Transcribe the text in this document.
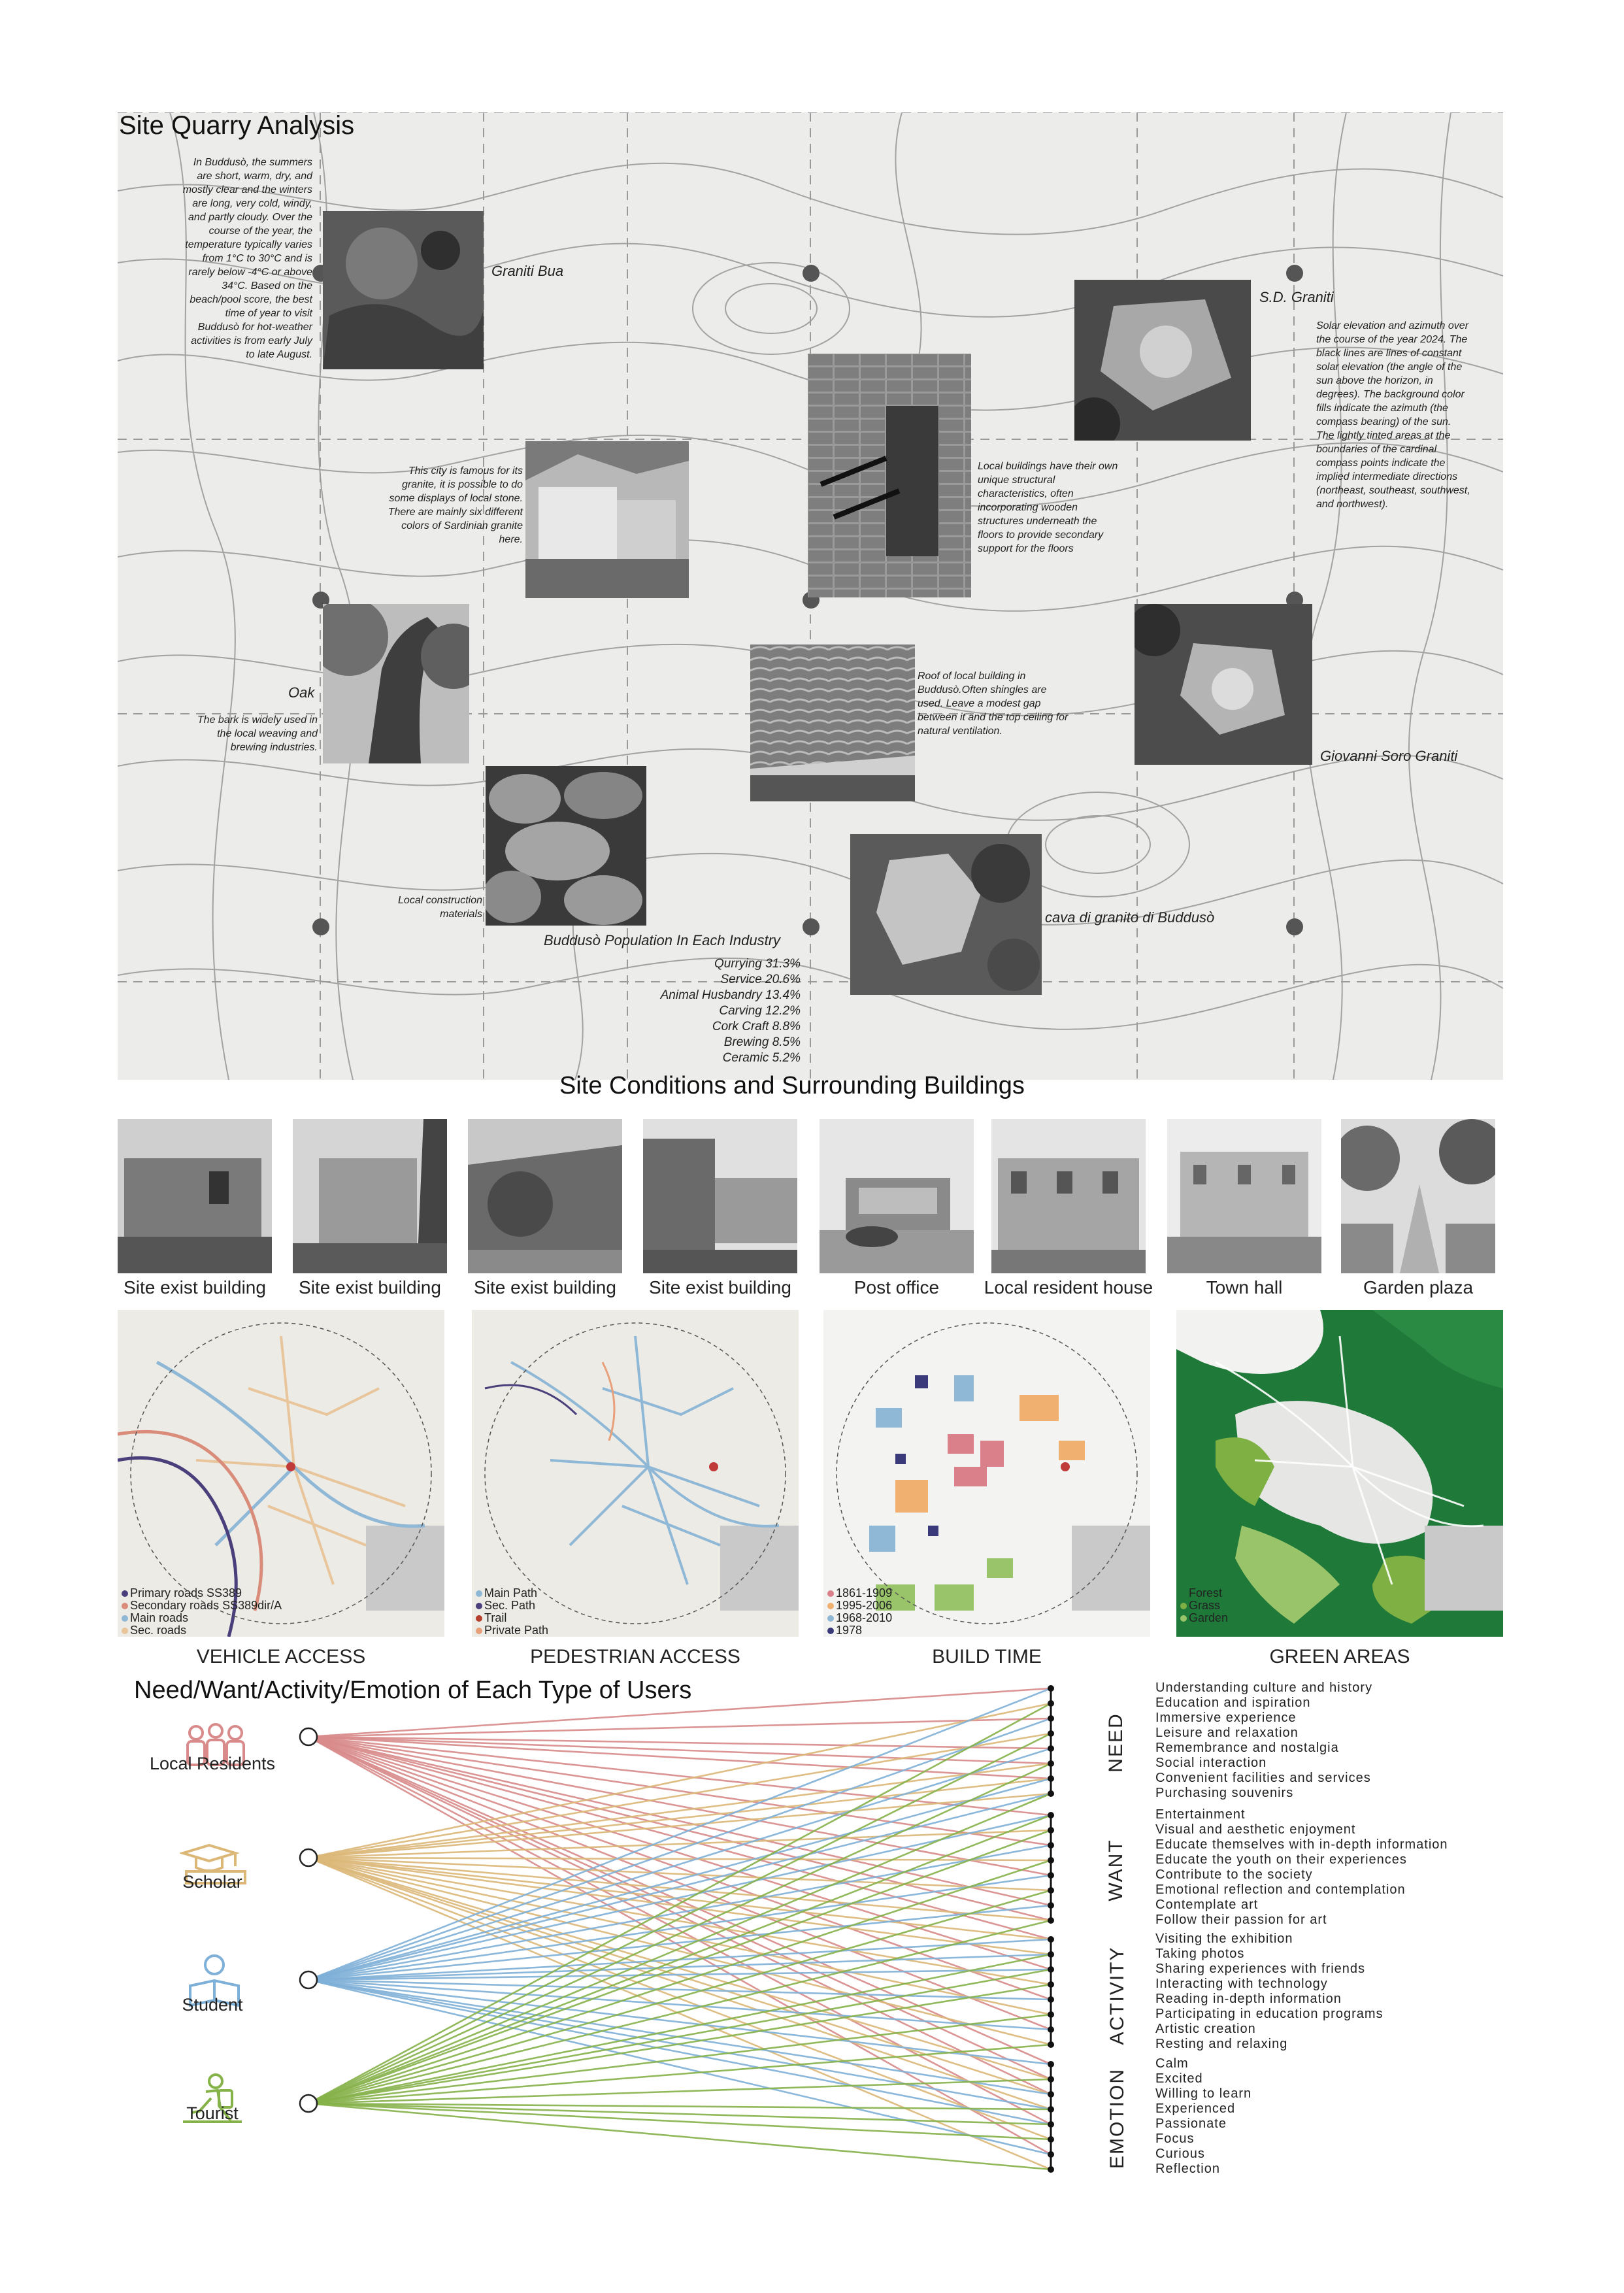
Site Quarry Analysis
Graniti Bua
In Buddusò, the summers are short, warm, dry, and mostly clear and the winters are long, very cold, windy, and partly cloudy. Over the course of the year, the temperature typically varies from 1°C to 30°C and is rarely below -4°C or above 34°C. Based on the beach/pool score, the best time of year to visit Buddusò for hot-weather activities is from early July to late August.
This city is famous for its granite, it is possible to do some displays of local stone. There are mainly six different colors of Sardinian granite here.
Local buildings have their own unique structural characteristics, often incorporating wooden structures underneath the floors to provide secondary support for the floors
S.D. Graniti
Solar elevation and azimuth over the course of the year 2024. The black lines are lines of constant solar elevation (the angle of the sun above the horizon, in degrees). The background color fills indicate the azimuth (the compass bearing) of the sun. The lightly tinted areas at the boundaries of the cardinal compass points indicate the implied intermediate directions (northeast, southeast, southwest, and northwest).
Oak
The bark is widely used in the local weaving and brewing industries.
Roof of local building in Buddusò.Often shingles are used. Leave a modest gap between it and the top ceiling for natural ventilation.
Giovanni Soro Graniti
Local construction materials	cava di granito di Buddusò
Buddusò Population In Each Industry
Qurrying 31.3%
Service 20.6%
Animal Husbandry 13.4%
Carving 12.2%
Cork Craft 8.8%
Brewing 8.5%
Ceramic 5.2%
Site Conditions and Surrounding Buildings
Site exist building	Site exist building	Site exist building	Site exist building	Post office	Local resident house	Town hall	Garden plaza
Primary roads SS389
Secondary roads SS389dir/A
Main roads
Sec. roads
Main Path
Sec. Path
Trail
Private Path
1861-1909
1995-2006
1968-2010
1978
Forest
Grass
Garden
VEHICLE ACCESS	PEDESTRIAN ACCESS	BUILD TIME	GREEN AREAS
Need/Want/Activity/Emotion of Each Type of Users
Local Residents
Scholar
Student
Tourist
NEED
WANT
ACTIVITY
EMOTION
Understanding culture and history
Education and ispiration
Immersive experience
Leisure and relaxation
Remembrance and nostalgia
Social interaction
Convenient facilities and services
Purchasing souvenirs
Entertainment
Visual and aesthetic enjoyment
Educate themselves with in-depth information
Educate the youth on their experiences
Contribute to the society
Emotional reflection and contemplation
Contemplate art
Follow their passion for art
Visiting the exhibition
Taking photos
Sharing experiences with friends
Interacting with technology
Reading in-depth information
Participating in education programs
Artistic creation
Resting and relaxing
Calm
Excited
Willing to learn
Experienced
Passionate
Focus
Curious
Reflection
